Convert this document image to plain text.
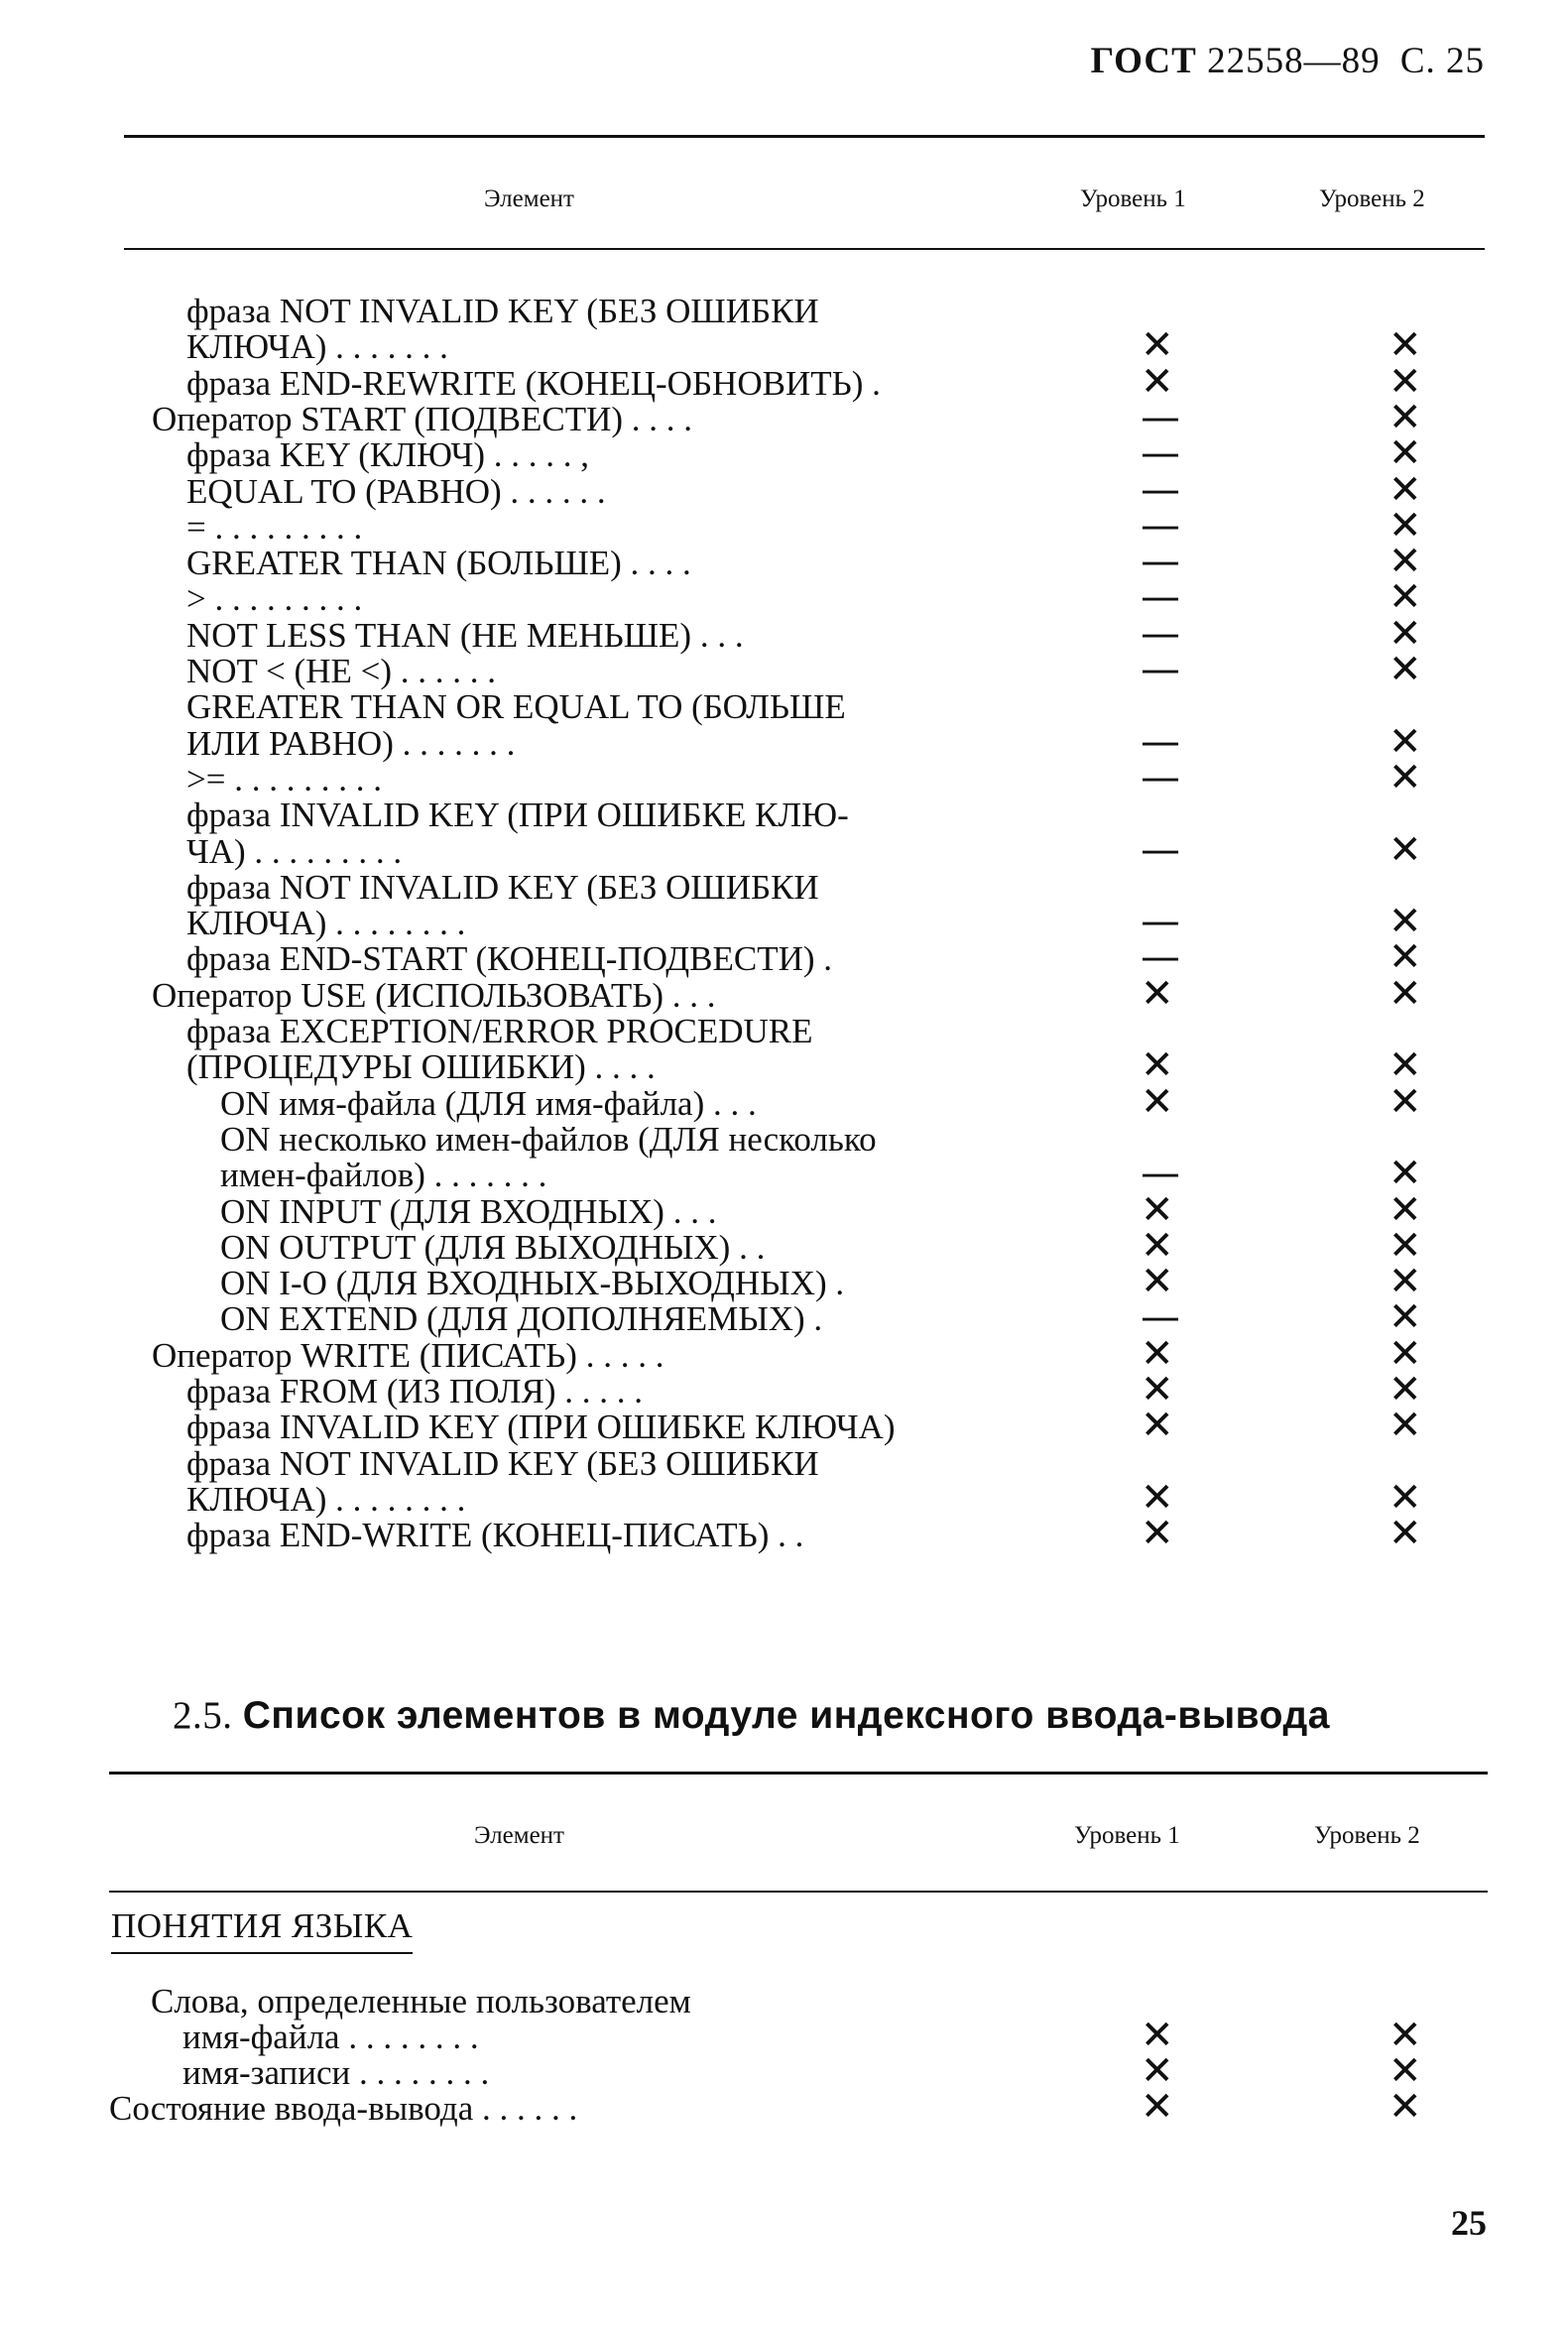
ГОСТ 22558—89 С. 25
Элемент	Уровень 1	Уровень 2
фраза NOT INVALID KEY (БЕЗ ОШИБКИ
КЛЮЧА) . . . . . . .	✕	✕
фраза END-REWRITE (КОНЕЦ-ОБНОВИТЬ) .	✕	✕
Оператор START (ПОДВЕСТИ) . . . .	—	✕
фраза KEY (КЛЮЧ) . . . . . ,	—	✕
EQUAL TO (РАВНО) . . . . . .	—	✕
= . . . . . . . . .	—	✕
GREATER THAN (БОЛЬШЕ) . . . .	—	✕
> . . . . . . . . .	—	✕
NOT LESS THAN (НЕ МЕНЬШЕ) . . .	—	✕
NOT < (НЕ <) . . . . . .	—	✕
GREATER THAN OR EQUAL TO (БОЛЬШЕ
ИЛИ РАВНО) . . . . . . .	—	✕
>= . . . . . . . . .	—	✕
фраза INVALID KEY (ПРИ ОШИБКЕ КЛЮ-
ЧА) . . . . . . . . .	—	✕
фраза NOT INVALID KEY (БЕЗ ОШИБКИ
КЛЮЧА) . . . . . . . .	—	✕
фраза END-START (КОНЕЦ-ПОДВЕСТИ) .	—	✕
Оператор USE (ИСПОЛЬЗОВАТЬ) . . .	✕	✕
фраза EXCEPTION/ERROR PROCEDURE
(ПРОЦЕДУРЫ ОШИБКИ) . . . .	✕	✕
ON имя-файла (ДЛЯ имя-файла) . . .	✕	✕
ON несколько имен-файлов (ДЛЯ несколько
имен-файлов) . . . . . . .	—	✕
ON INPUT (ДЛЯ ВХОДНЫХ) . . .	✕	✕
ON OUTPUT (ДЛЯ ВЫХОДНЫХ) . .	✕	✕
ON I-O (ДЛЯ ВХОДНЫХ-ВЫХОДНЫХ) .	✕	✕
ON EXTEND (ДЛЯ ДОПОЛНЯЕМЫХ) .	—	✕
Оператор WRITE (ПИСАТЬ) . . . . .	✕	✕
фраза FROM (ИЗ ПОЛЯ) . . . . .	✕	✕
фраза INVALID KEY (ПРИ ОШИБКЕ КЛЮЧА)	✕	✕
фраза NOT INVALID KEY (БЕЗ ОШИБКИ
КЛЮЧА) . . . . . . . .	✕	✕
фраза END-WRITE (КОНЕЦ-ПИСАТЬ) . .	✕	✕
2.5. Список элементов в модуле индексного ввода-вывода
Элемент	Уровень 1	Уровень 2
ПОНЯТИЯ ЯЗЫКА
Слова, определенные пользователем
имя-файла . . . . . . . .	✕	✕
имя-записи . . . . . . . .	✕	✕
Состояние ввода-вывода . . . . . .	✕	✕
25
